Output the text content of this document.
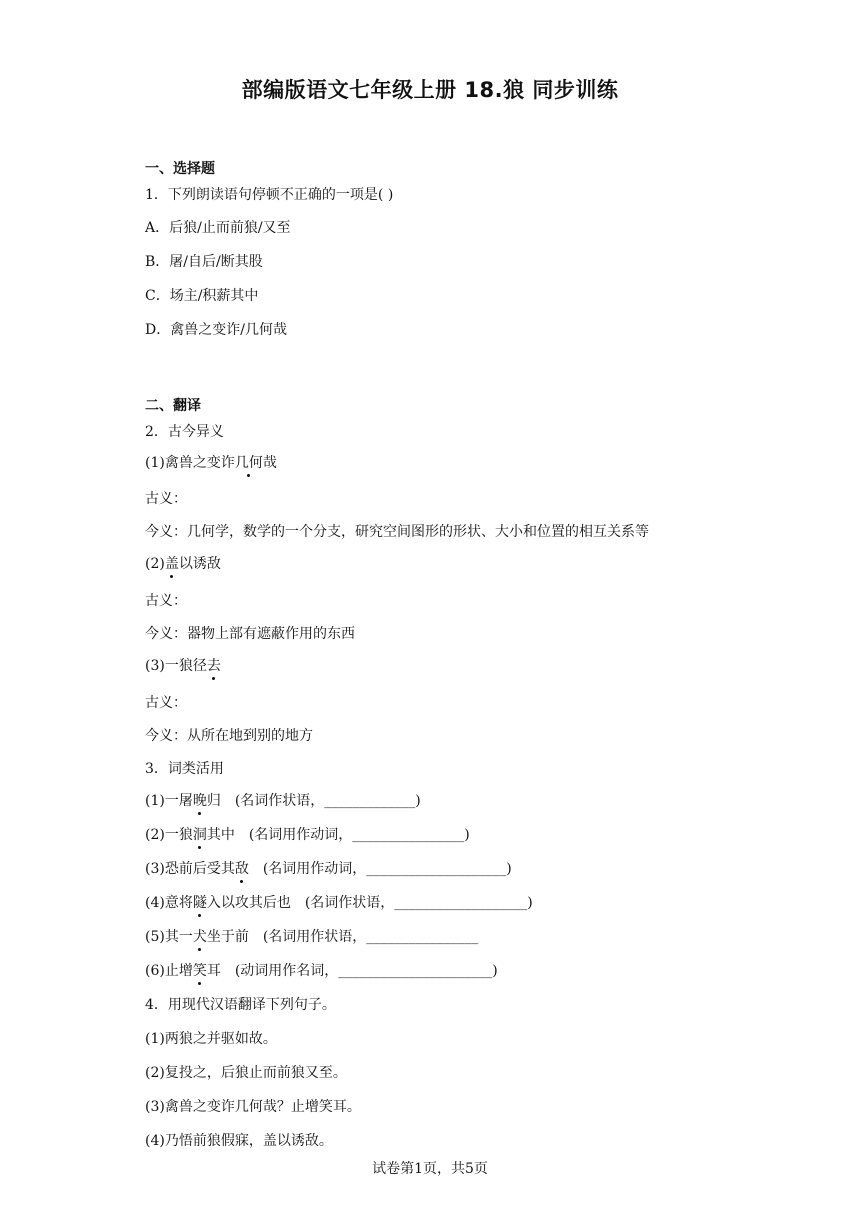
部编版语文七年级上册 18.狼 同步训练
一、选择题
1．下列朗读语句停顿不正确的一项是( )
A．后狼/止而前狼/又至
B．屠/自后/断其股
C．场主/积薪其中
D．禽兽之变诈/几何哉
二、翻译
2．古今异义
(1)禽兽之变诈几何哉
古义：
今义：几何学，数学的一个分支，研究空间图形的形状、大小和位置的相互关系等
(2)盖以诱敌
古义：
今义：器物上部有遮蔽作用的东西
(3)一狼径去
古义：
今义：从所在地到别的地方
3．词类活用
(1)一屠晚归 (名词作状语，_____________)
(2)一狼洞其中 (名词用作动词，________________)
(3)恐前后受其敌 (名词用作动词，____________________)
(4)意将隧入以攻其后也 (名词作状语，___________________)
(5)其一犬坐于前 (名词用作状语，________________
(6)止增笑耳 (动词用作名词，______________________)
4．用现代汉语翻译下列句子。
(1)两狼之并驱如故。
(2)复投之，后狼止而前狼又至。
(3)禽兽之变诈几何哉？止增笑耳。
(4)乃悟前狼假寐，盖以诱敌。
试卷第1页，共5页
